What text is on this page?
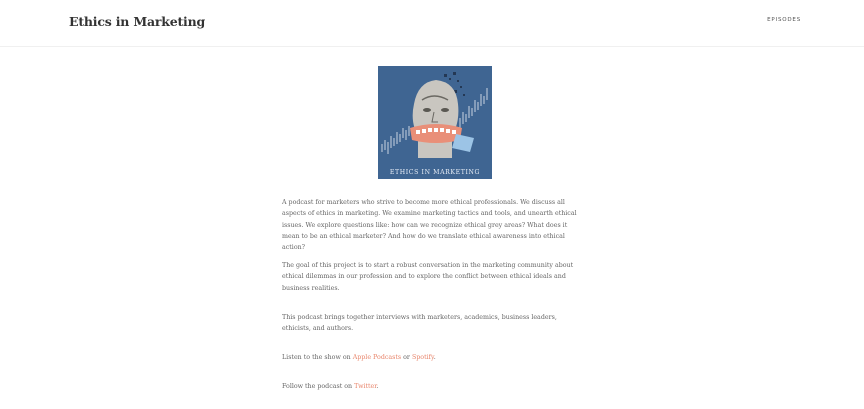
Ethics in Marketing	EPISODES
ETHICS IN MARKETING

A podcast for marketers who strive to become more ethical professionals. We discuss all aspects of ethics in marketing. We examine marketing tactics and tools, and unearth ethical issues. We explore questions like: how can we recognize ethical grey areas? What does it mean to be an ethical marketer? And how do we translate ethical awareness into ethical action?

The goal of this project is to start a robust conversation in the marketing community about ethical dilemmas in our profession and to explore the conflict between ethical ideals and business realities.

This podcast brings together interviews with marketers, academics, business leaders, ethicists, and authors.

Listen to the show on Apple Podcasts or Spotify.

Follow the podcast on Twitter.
